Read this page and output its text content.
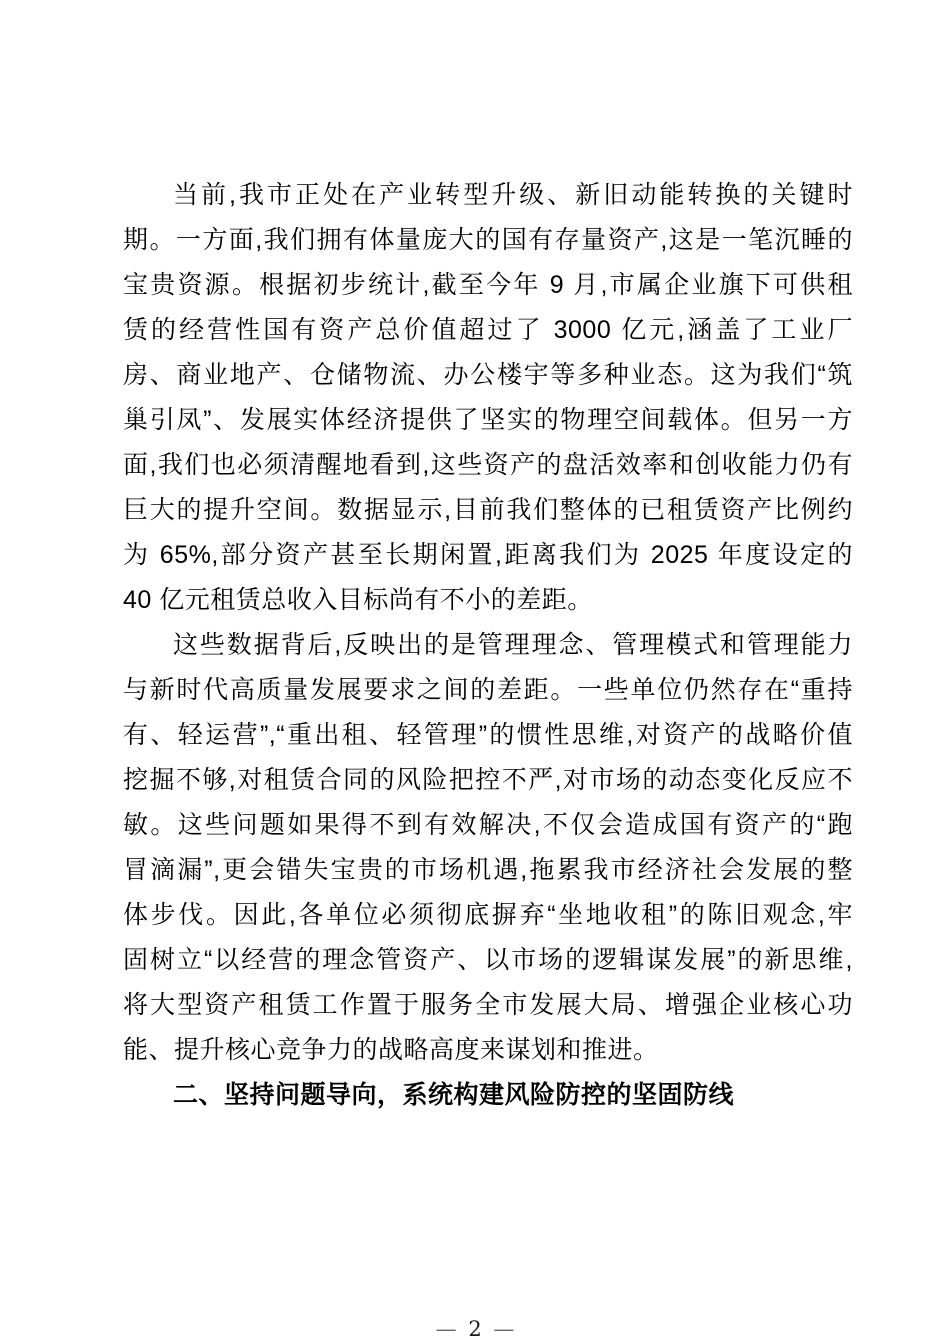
当前,我市正处在产业转型升级、新旧动能转换的关键时
期。一方面,我们拥有体量庞大的国有存量资产,这是一笔沉睡的
宝贵资源。根据初步统计,截至今年 9 月,市属企业旗下可供租
赁的经营性国有资产总价值超过了 3000 亿元,涵盖了工业厂
房、商业地产、仓储物流、办公楼宇等多种业态。这为我们“筑
巢引凤”、发展实体经济提供了坚实的物理空间载体。但另一方
面,我们也必须清醒地看到,这些资产的盘活效率和创收能力仍有
巨大的提升空间。数据显示,目前我们整体的已租赁资产比例约
为 65%,部分资产甚至长期闲置,距离我们为 2025 年度设定的
40 亿元租赁总收入目标尚有不小的差距。
这些数据背后,反映出的是管理理念、管理模式和管理能力
与新时代高质量发展要求之间的差距。一些单位仍然存在“重持
有、轻运营”,“重出租、轻管理”的惯性思维,对资产的战略价值
挖掘不够,对租赁合同的风险把控不严,对市场的动态变化反应不
敏。这些问题如果得不到有效解决,不仅会造成国有资产的“跑
冒滴漏”,更会错失宝贵的市场机遇,拖累我市经济社会发展的整
体步伐。因此,各单位必须彻底摒弃“坐地收租”的陈旧观念,牢
固树立“以经营的理念管资产、以市场的逻辑谋发展”的新思维,
将大型资产租赁工作置于服务全市发展大局、增强企业核心功
能、提升核心竞争力的战略高度来谋划和推进。
二、坚持问题导向，系统构建风险防控的坚固防线
— 2 —
